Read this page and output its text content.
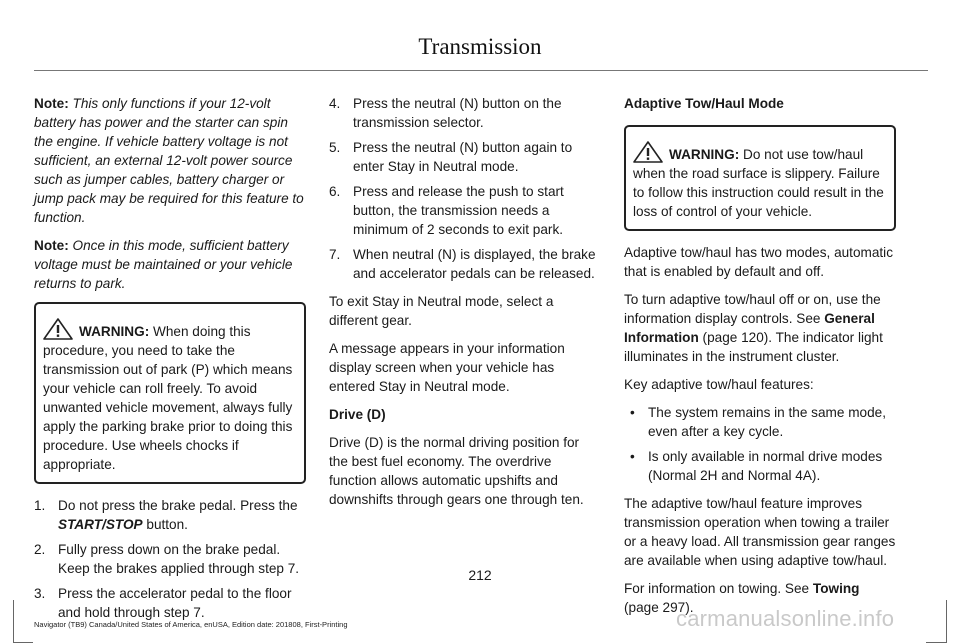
Transmission

Note: This only functions if your 12-volt battery has power and the starter can spin the engine. If vehicle battery voltage is not sufficient, an external 12-volt power source such as jumper cables, battery charger or jump pack may be required for this feature to function.

Note: Once in this mode, sufficient battery voltage must be maintained or your vehicle returns to park.

WARNING: When doing this procedure, you need to take the transmission out of park (P) which means your vehicle can roll freely. To avoid unwanted vehicle movement, always fully apply the parking brake prior to doing this procedure. Use wheels chocks if appropriate.
1. Do not press the brake pedal. Press the START/STOP button.
2. Fully press down on the brake pedal. Keep the brakes applied through step 7.
3. Press the accelerator pedal to the floor and hold through step 7.
4. Press the neutral (N) button on the transmission selector.
5. Press the neutral (N) button again to enter Stay in Neutral mode.
6. Press and release the push to start button, the transmission needs a minimum of 2 seconds to exit park.
7. When neutral (N) is displayed, the brake and accelerator pedals can be released.

To exit Stay in Neutral mode, select a different gear.

A message appears in your information display screen when your vehicle has entered Stay in Neutral mode.

Drive (D)

Drive (D) is the normal driving position for the best fuel economy. The overdrive function allows automatic upshifts and downshifts through gears one through ten.

Adaptive Tow/Haul Mode

WARNING: Do not use tow/haul when the road surface is slippery. Failure to follow this instruction could result in the loss of control of your vehicle.

Adaptive tow/haul has two modes, automatic that is enabled by default and off.

To turn adaptive tow/haul off or on, use the information display controls. See General Information (page 120). The indicator light illuminates in the instrument cluster.

Key adaptive tow/haul features:

• The system remains in the same mode, even after a key cycle.
• Is only available in normal drive modes (Normal 2H and Normal 4A).

The adaptive tow/haul feature improves transmission operation when towing a trailer or a heavy load. All transmission gear ranges are available when using adaptive tow/haul.

For information on towing. See Towing (page 297).

212
Navigator (TB9) Canada/United States of America, enUSA, Edition date: 201808, First-Printing	carmanualsonline.info
